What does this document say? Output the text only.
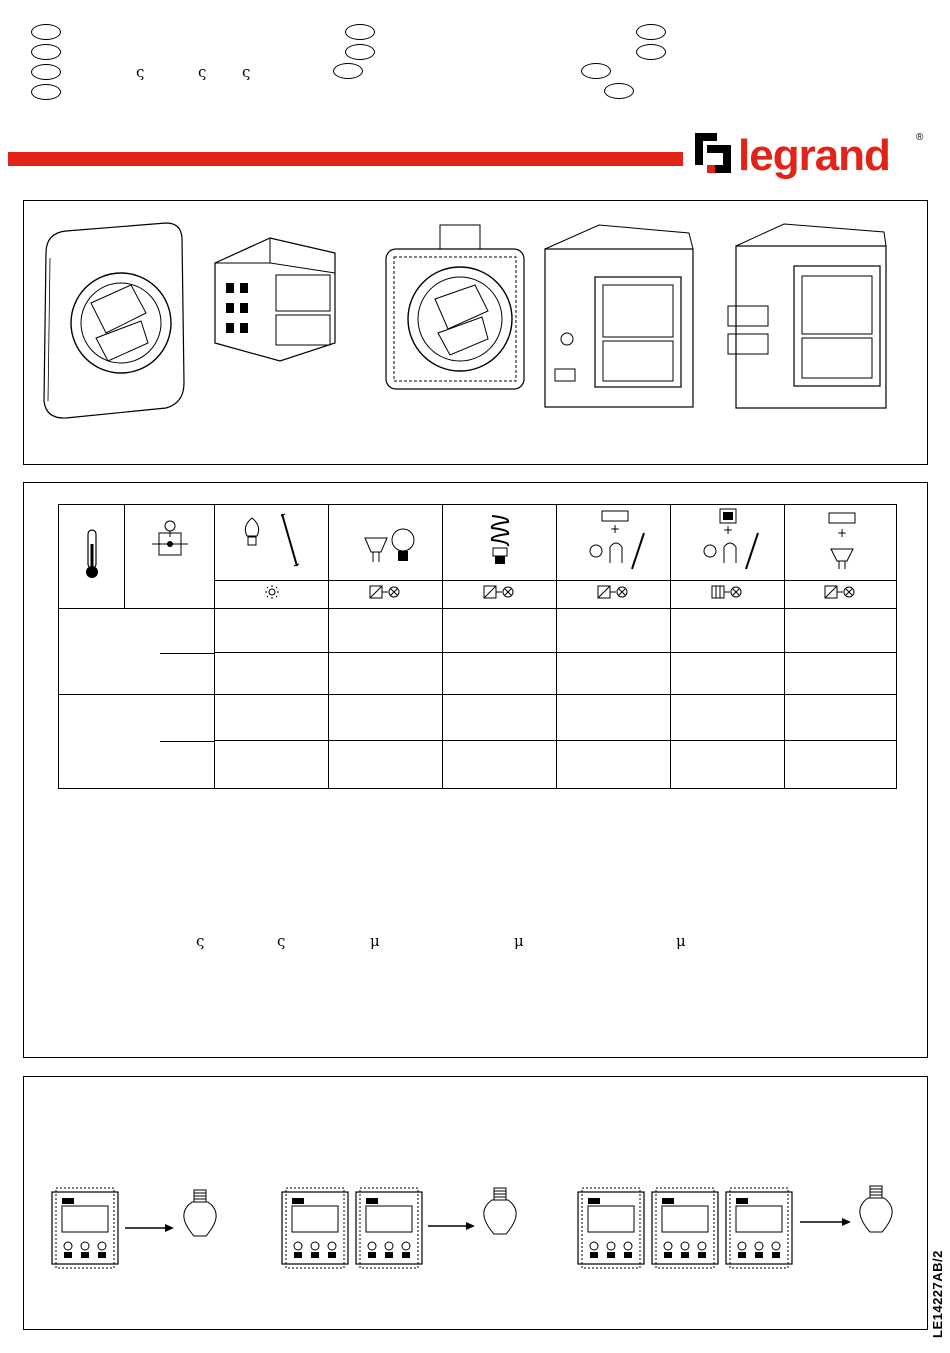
ς	ς ς
legrand	®

+	+	+

ς	ς	μ	μ	μ
LE14227AB/2
